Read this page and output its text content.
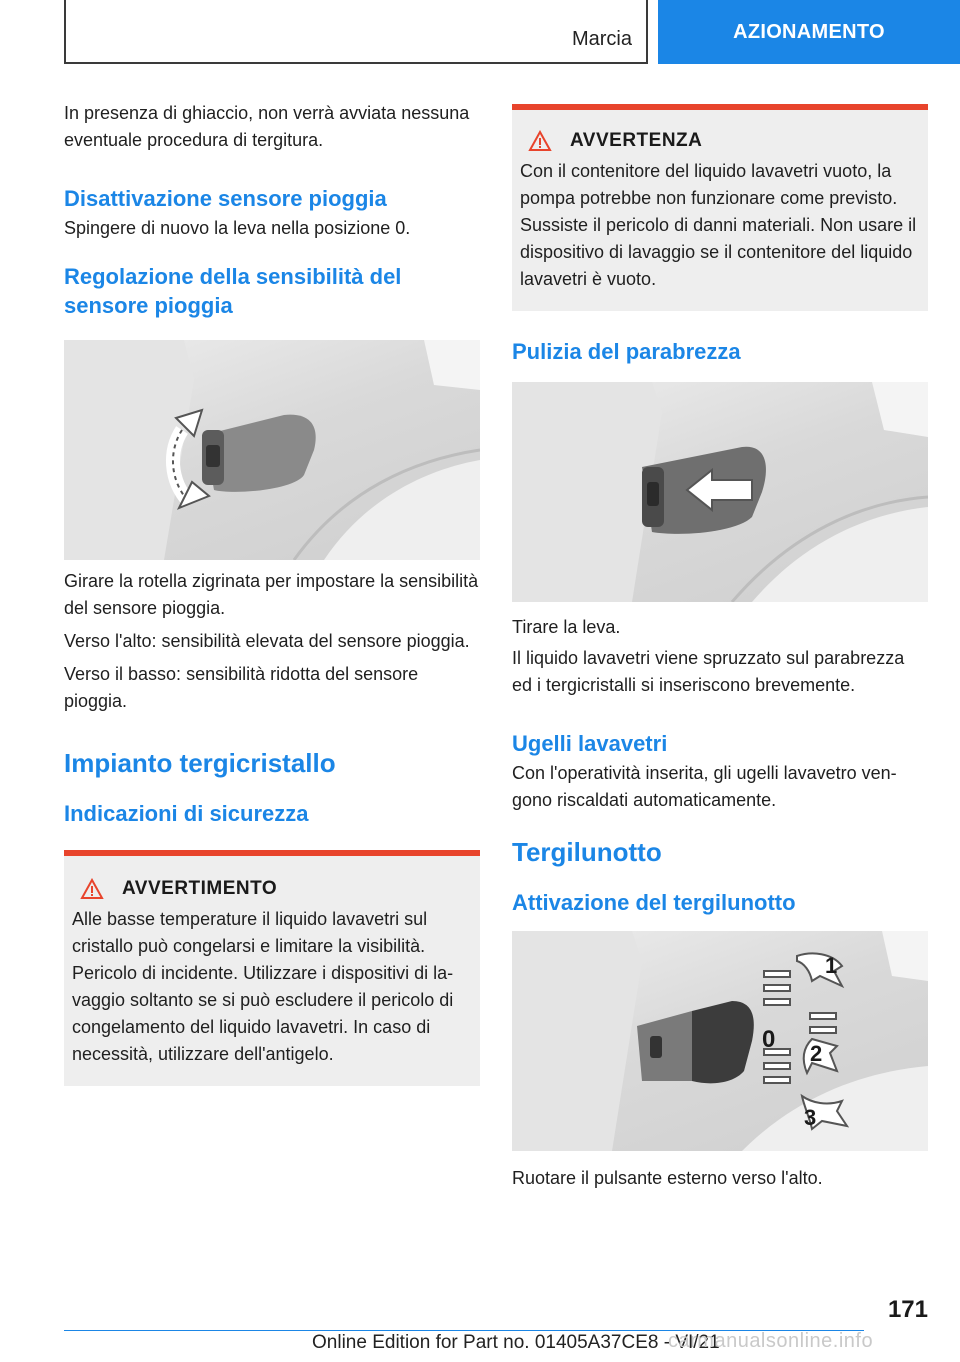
Marcia	AZIONAMENTO

In presenza di ghiaccio, non verrà avviata nessuna eventuale procedura di tergitura.

Disattivazione sensore pioggia

Spingere di nuovo la leva nella posizione 0.

Regolazione della sensibilità del sensore pioggia

Girare la rotella zigrinata per impostare la sensibilità del sensore pioggia.

Verso l'alto: sensibilità elevata del sensore pioggia.

Verso il basso: sensibilità ridotta del sensore pioggia.

Impianto tergicristallo
Indicazioni di sicurezza
AVVERTIMENTO

Alle basse temperature il liquido lavavetri sul cristallo può congelarsi e limitare la visibilità. Pericolo di incidente. Utilizzare i dispositivi di lavaggio soltanto se si può escludere il pericolo di congelamento del liquido lavavetri. In caso di necessità, utilizzare dell'antigelo.

AVVERTENZA

Con il contenitore del liquido lavavetri vuoto, la pompa potrebbe non funzionare come previsto. Sussiste il pericolo di danni materiali. Non usare il dispositivo di lavaggio se il contenitore del liquido lavavetri è vuoto.

Pulizia del parabrezza

Tirare la leva.

Il liquido lavavetri viene spruzzato sul parabrezza ed i tergicristalli si inseriscono brevemente.

Ugelli lavavetri

Con l'operatività inserita, gli ugelli lavavetro vengono riscaldati automaticamente.

Tergilunotto
Attivazione del tergilunotto
1
0
2
3

Ruotare il pulsante esterno verso l'alto.

171
Online Edition for Part no. 01405A37CE8 - VI/21
carmanualsonline.info
